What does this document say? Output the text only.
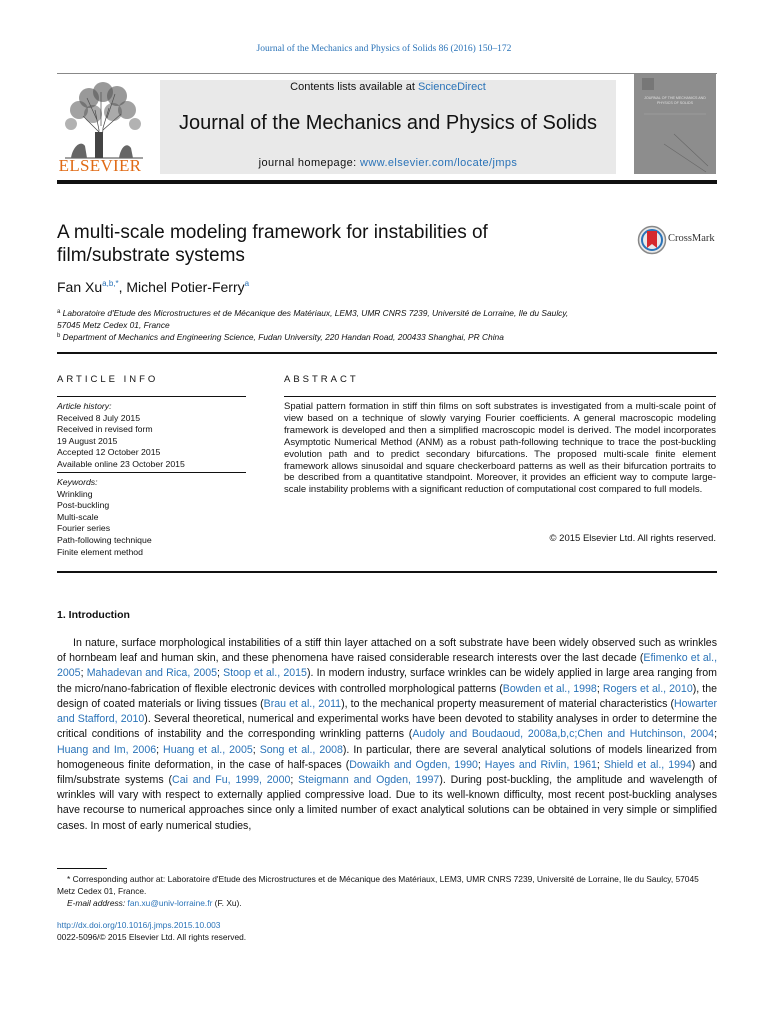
Journal of the Mechanics and Physics of Solids 86 (2016) 150–172
ELSEVIER
Contents lists available at ScienceDirect
Journal of the Mechanics and Physics of Solids
journal homepage: www.elsevier.com/locate/jmps
JOURNAL OF THE MECHANICS AND PHYSICS OF SOLIDS
A multi-scale modeling framework for instabilities of
film/substrate systems
CrossMark
Fan $Xu^{a,b,*}$, Michel Potier-Ferry$^a$
$^a$ Laboratoire d'Etude des Microstructures et de Mécanique des Matériaux, LEM3, UMR CNRS 7239, Université de Lorraine, Ile du Saulcy,
57045 Metz Cedex 01, France
$^b$ Department of Mechanics and Engineering Science, Fudan University, 220 Handan Road, 200433 Shanghai, PR China
ARTICLE INFO	ABSTRACT
Article history:
Received 8 July 2015
Received in revised form
19 August 2015
Accepted 12 October 2015
Available online 23 October 2015
Keywords:
Wrinkling
Post-buckling
Multi-scale
Fourier series
Path-following technique
Finite element method
Spatial pattern formation in stiff thin films on soft substrates is investigated from a multi-scale point of view based on a technique of slowly varying Fourier coefficients. A general macroscopic modeling framework is developed and then a simplified macroscopic model is derived. The model incorporates Asymptotic Numerical Method (ANM) as a robust path-following technique to trace the post-buckling evolution path and to predict secondary bifurcations. The proposed multi-scale finite element framework allows sinusoidal and square checkerboard patterns as well as their bifurcation portraits to be described from a quantitative standpoint. Moreover, it provides an efficient way to compute large-scale instability problems with a significant reduction of computational cost compared to full models.
© 2015 Elsevier Ltd. All rights reserved.
1. Introduction
In nature, surface morphological instabilities of a stiff thin layer attached on a soft substrate have been widely observed such as wrinkles of hornbeam leaf and human skin, and these phenomena have raised considerable research interests over the last decade (Efimenko et al., 2005; Mahadevan and Rica, 2005; Stoop et al., 2015). In modern industry, surface wrinkles can be widely applied in large area ranging from the micro/nano-fabrication of flexible electronic devices with controlled morphological patterns (Bowden et al., 1998; Rogers et al., 2010), the design of coated materials or living tissues (Brau et al., 2011), to the mechanical property measurement of material characteristics (Howarter and Stafford, 2010). Several theoretical, numerical and experimental works have been devoted to stability analyses in order to determine the critical conditions of instability and the corresponding wrinkling patterns (Audoly and Boudaoud, 2008a,b,c;Chen and Hutchinson, 2004; Huang and Im, 2006; Huang et al., 2005; Song et al., 2008). In particular, there are several analytical solutions of models linearized from homogeneous finite deformation, in the case of half-spaces (Dowaikh and Ogden, 1990; Hayes and Rivlin, 1961; Shield et al., 1994) and film/substrate systems (Cai and Fu, 1999, 2000; Steigmann and Ogden, 1997). During post-buckling, the amplitude and wavelength of wrinkles will vary with respect to externally applied compressive load. Due to its well-known difficulty, most recent post-buckling analyses have recourse to numerical approaches since only a limited number of exact analytical solutions can be obtained in very simple or simplified cases. In most of early numerical studies,
* Corresponding author at: Laboratoire d'Etude des Microstructures et de Mécanique des Matériaux, LEM3, UMR CNRS 7239, Université de Lorraine, Ile du Saulcy, 57045 Metz Cedex 01, France.
E-mail address: fan.xu@univ-lorraine.fr (F. Xu).
http://dx.doi.org/10.1016/j.jmps.2015.10.003
0022-5096/© 2015 Elsevier Ltd. All rights reserved.
